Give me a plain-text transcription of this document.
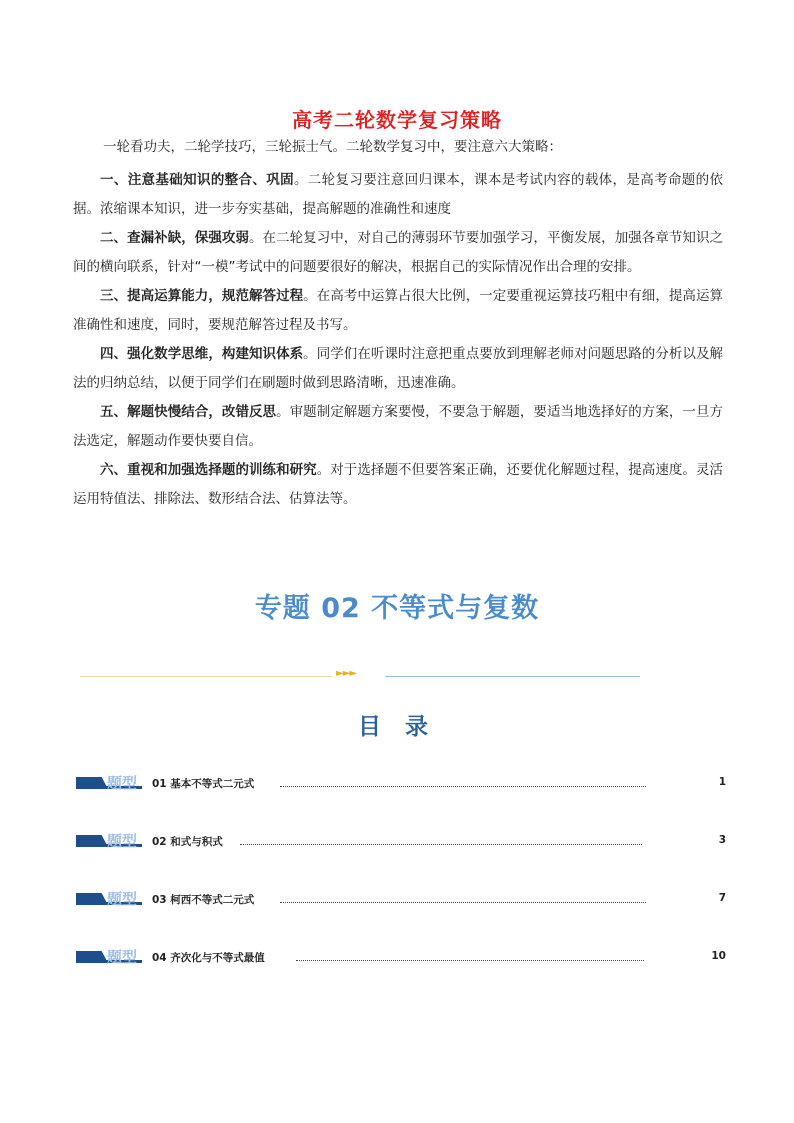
高考二轮数学复习策略
一轮看功夫，二轮学技巧，三轮振士气。二轮数学复习中，要注意六大策略：

一、注意基础知识的整合、巩固。二轮复习要注意回归课本，课本是考试内容的载体，是高考命题的依据。浓缩课本知识，进一步夯实基础，提高解题的准确性和速度

二、查漏补缺，保强攻弱。在二轮复习中，对自己的薄弱环节要加强学习，平衡发展，加强各章节知识之间的横向联系，针对“一模”考试中的问题要很好的解决，根据自己的实际情况作出合理的安排。

三、提高运算能力，规范解答过程。在高考中运算占很大比例，一定要重视运算技巧粗中有细，提高运算准确性和速度，同时，要规范解答过程及书写。

四、强化数学思维，构建知识体系。同学们在听课时注意把重点要放到理解老师对问题思路的分析以及解法的归纳总结，以便于同学们在刷题时做到思路清晰，迅速准确。

五、解题快慢结合，改错反思。审题制定解题方案要慢，不要急于解题，要适当地选择好的方案，一旦方法选定，解题动作要快要自信。

六、重视和加强选择题的训练和研究。对于选择题不但要答案正确，还要优化解题过程，提高速度。灵活运用特值法、排除法、数形结合法、估算法等。

专题 02 不等式与复数
►►►
目 录
题型 01 基本不等式二元式	1
题型 02 和式与积式	3
题型 03 柯西不等式二元式	7
题型 04 齐次化与不等式最值	10
